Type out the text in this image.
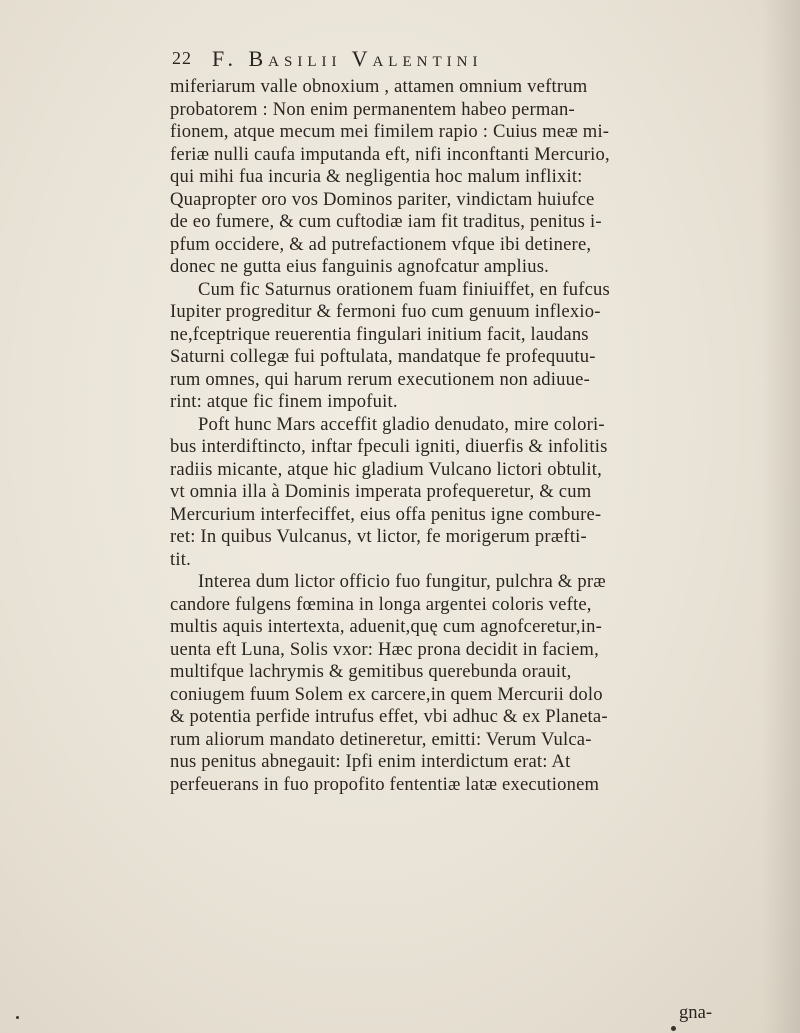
22 F. Basilii Valentini
miferiarum valle obnoxium , attamen omnium veftrum
probatorem : Non enim permanentem habeo perman-
fionem, atque mecum mei fimilem rapio : Cuius meæ mi-
feriæ nulli caufa imputanda eft, nifi inconftanti Mercurio,
qui mihi fua incuria & negligentia hoc malum inflixit:
Quapropter oro vos Dominos pariter, vindictam huiufce
de eo fumere, & cum cuftodiæ iam fit traditus, penitus i-
pfum occidere, & ad putrefactionem vfque ibi detinere,
donec ne gutta eius fanguinis agnofcatur amplius.
Cum fic Saturnus orationem fuam finiuiffet, en fufcus
Iupiter progreditur & fermoni fuo cum genuum inflexio-
ne,fceptrique reuerentia fingulari initium facit, laudans
Saturni collegæ fui poftulata, mandatque fe profequutu-
rum omnes, qui harum rerum executionem non adiuue-
rint: atque fic finem impofuit.
Poft hunc Mars acceffit gladio denudato, mire colori-
bus interdiftincto, inftar fpeculi igniti, diuerfis & infolitis
radiis micante, atque hic gladium Vulcano lictori obtulit,
vt omnia illa à Dominis imperata profequeretur, & cum
Mercurium interfeciffet, eius offa penitus igne combure-
ret: In quibus Vulcanus, vt lictor, fe morigerum præfti-
tit.
Interea dum lictor officio fuo fungitur, pulchra & præ
candore fulgens fœmina in longa argentei coloris vefte,
multis aquis intertexta, aduenit,quę cum agnofceretur,in-
uenta eft Luna, Solis vxor: Hæc prona decidit in faciem,
multifque lachrymis & gemitibus querebunda orauit,
coniugem fuum Solem ex carcere,in quem Mercurii dolo
& potentia perfide intrufus effet, vbi adhuc & ex Planeta-
rum aliorum mandato detineretur, emitti: Verum Vulca-
nus penitus abnegauit: Ipfi enim interdictum erat: At
perfeuerans in fuo propofito fententiæ latæ executionem
gna-
